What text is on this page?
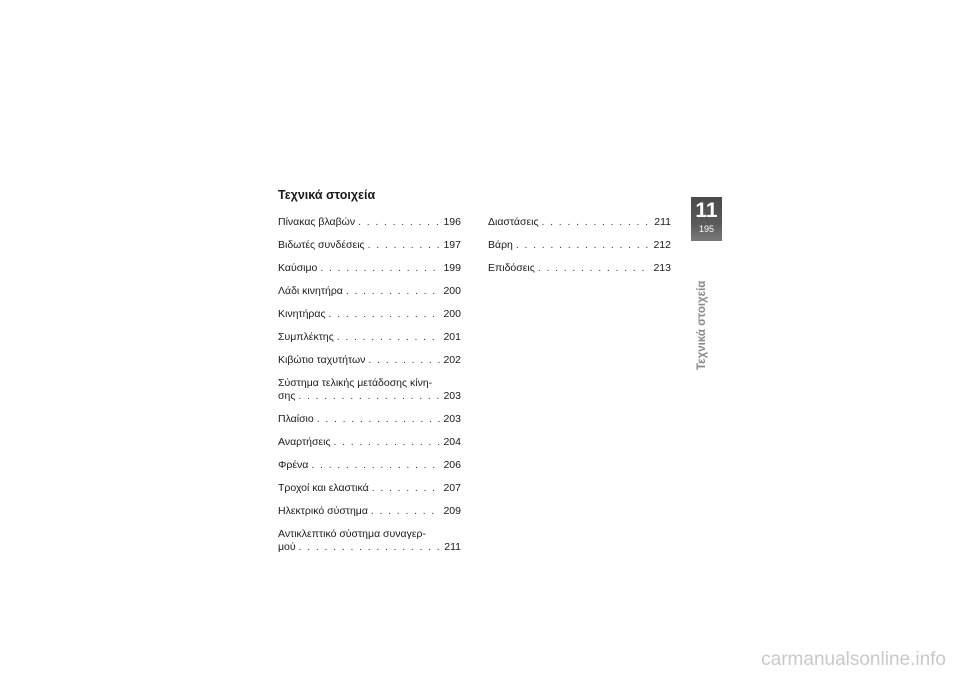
Τεχνικά στοιχεία
Πίνακας βλαβών . . .	196
Βιδωτές συνδέσεις . . .	197
Καύσιμο . . .	199
Λάδι κινητήρα . . .	200
Κινητήρας . . .	200
Συμπλέκτης . . .	201
Κιβώτιο ταχυτήτων . . .	202
Σύστημα τελικής μετάδοσης κίνη-
σης . . .	203
Πλαίσιο . . .	203
Αναρτήσεις . . .	204
Φρένα . . .	206
Τροχοί και ελαστικά . . .	207
Ηλεκτρικό σύστημα . . .	209
Αντικλεπτικό σύστημα συναγερ-
μού . . .	211
Διαστάσεις . . .	211
Βάρη . . .	212
Επιδόσεις . . .	213
11
195
Τεχνικά στοιχεία
carmanualsonline.info
